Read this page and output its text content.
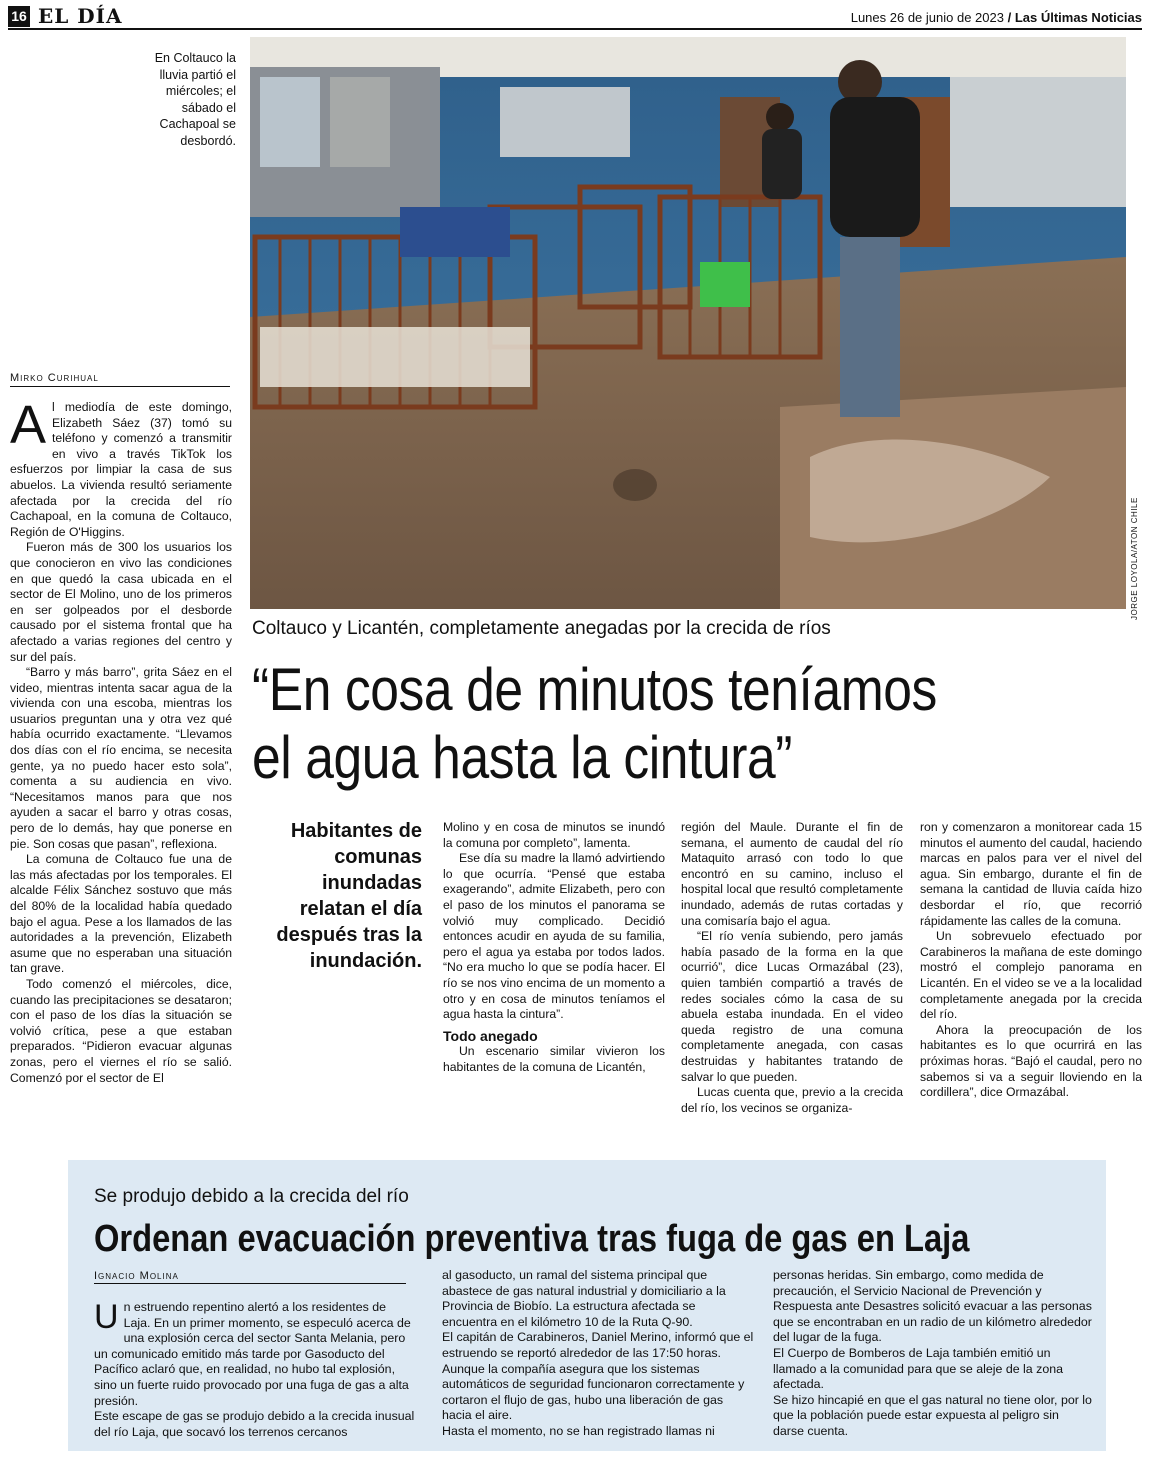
16 EL DÍA	Lunes 26 de junio de 2023 / Las Últimas Noticias
En Coltauco la lluvia partió el miércoles; el sábado el Cachapoal se desbordó.
JORGE LOYOLA/ATON CHILE
Mirko Curihual

Al mediodía de este domingo, Elizabeth Sáez (37) tomó su teléfono y comenzó a transmitir en vivo a través TikTok los esfuerzos por limpiar la casa de sus abuelos. La vivienda resultó seriamente afectada por la crecida del río Cachapoal, en la comuna de Coltauco, Región de O'Higgins.

Fueron más de 300 los usuarios los que conocieron en vivo las condiciones en que quedó la casa ubicada en el sector de El Molino, uno de los primeros en ser golpeados por el desborde causado por el sistema frontal que ha afectado a varias regiones del centro y sur del país.

“Barro y más barro”, grita Sáez en el video, mientras intenta sacar agua de la vivienda con una escoba, mientras los usuarios preguntan una y otra vez qué había ocurrido exactamente. “Llevamos dos días con el río encima, se necesita gente, ya no puedo hacer esto sola”, comenta a su audiencia en vivo. “Necesitamos manos para que nos ayuden a sacar el barro y otras cosas, pero de lo demás, hay que ponerse en pie. Son cosas que pasan”, reflexiona.

La comuna de Coltauco fue una de las más afectadas por los temporales. El alcalde Félix Sánchez sostuvo que más del 80% de la localidad había quedado bajo el agua. Pese a los llamados de las autoridades a la prevención, Elizabeth asume que no esperaban una situación tan grave.

Todo comenzó el miércoles, dice, cuando las precipitaciones se desataron; con el paso de los días la situación se volvió crítica, pese a que estaban preparados. “Pidieron evacuar algunas zonas, pero el viernes el río se salió. Comenzó por el sector de El

Coltauco y Licantén, completamente anegadas por la crecida de ríos
“En cosa de minutos teníamos
el agua hasta la cintura”
Habitantes de comunas inundadas relatan el día después tras la inundación.

Molino y en cosa de minutos se inundó la comuna por completo”, lamenta.

Ese día su madre la llamó advirtiendo lo que ocurría. “Pensé que estaba exagerando”, admite Elizabeth, pero con el paso de los minutos el panorama se volvió muy complicado. Decidió entonces acudir en ayuda de su familia, pero el agua ya estaba por todos lados. “No era mucho lo que se podía hacer. El río se nos vino encima de un momento a otro y en cosa de minutos teníamos el agua hasta la cintura”.

Todo anegado

Un escenario similar vivieron los habitantes de la comuna de Licantén,

región del Maule. Durante el fin de semana, el aumento de caudal del río Mataquito arrasó con todo lo que encontró en su camino, incluso el hospital local que resultó completamente inundado, además de rutas cortadas y una comisaría bajo el agua.

“El río venía subiendo, pero jamás había pasado de la forma en la que ocurrió”, dice Lucas Ormazábal (23), quien también compartió a través de redes sociales cómo la casa de su abuela estaba inundada. En el video queda registro de una comuna completamente anegada, con casas destruidas y habitantes tratando de salvar lo que pueden.

Lucas cuenta que, previo a la crecida del río, los vecinos se organiza-

ron y comenzaron a monitorear cada 15 minutos el aumento del caudal, haciendo marcas en palos para ver el nivel del agua. Sin embargo, durante el fin de semana la cantidad de lluvia caída hizo desbordar el río, que recorrió rápidamente las calles de la comuna.

Un sobrevuelo efectuado por Carabineros la mañana de este domingo mostró el complejo panorama en Licantén. En el video se ve a la localidad completamente anegada por la crecida del río.

Ahora la preocupación de los habitantes es lo que ocurrirá en las próximas horas. “Bajó el caudal, pero no sabemos si va a seguir lloviendo en la cordillera”, dice Ormazábal.

Se produjo debido a la crecida del río
Ordenan evacuación preventiva tras fuga de gas en Laja
Ignacio Molina

Un estruendo repentino alertó a los residentes de Laja. En un primer momento, se especuló acerca de una explosión cerca del sector Santa Melania, pero un comunicado emitido más tarde por Gasoducto del Pacífico aclaró que, en realidad, no hubo tal explosión, sino un fuerte ruido provocado por una fuga de gas a alta presión.

Este escape de gas se produjo debido a la crecida inusual del río Laja, que socavó los terrenos cercanos

al gasoducto, un ramal del sistema principal que abastece de gas natural industrial y domiciliario a la Provincia de Biobío. La estructura afectada se encuentra en el kilómetro 10 de la Ruta Q-90.

El capitán de Carabineros, Daniel Merino, informó que el estruendo se reportó alrededor de las 17:50 horas. Aunque la compañía asegura que los sistemas automáticos de seguridad funcionaron correctamente y cortaron el flujo de gas, hubo una liberación de gas hacia el aire.

Hasta el momento, no se han registrado llamas ni

personas heridas. Sin embargo, como medida de precaución, el Servicio Nacional de Prevención y Respuesta ante Desastres solicitó evacuar a las personas que se encontraban en un radio de un kilómetro alrededor del lugar de la fuga.

El Cuerpo de Bomberos de Laja también emitió un llamado a la comunidad para que se aleje de la zona afectada.

Se hizo hincapié en que el gas natural no tiene olor, por lo que la población puede estar expuesta al peligro sin darse cuenta.
